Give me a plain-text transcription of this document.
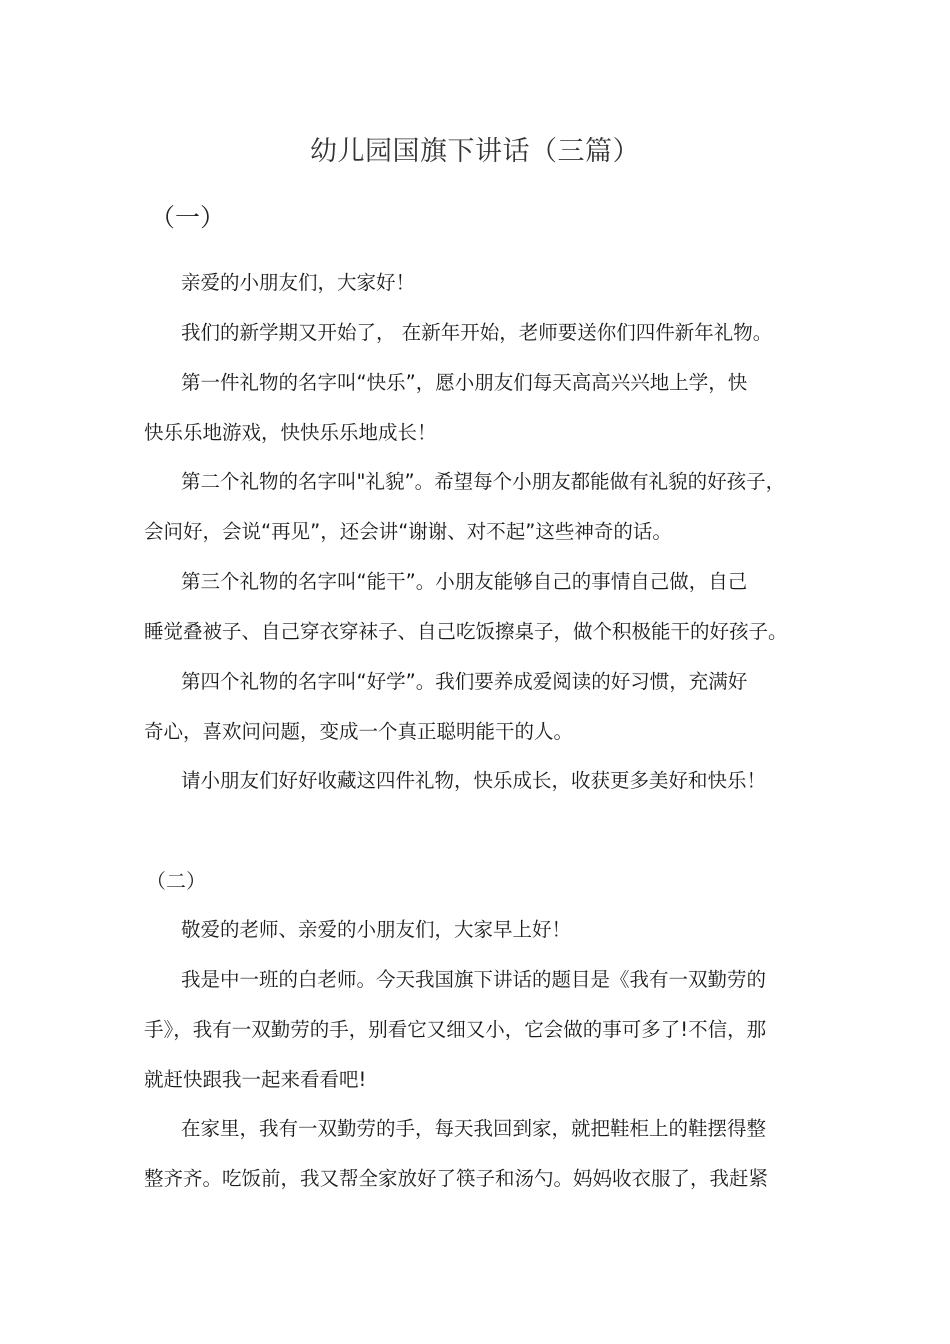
幼儿园国旗下讲话（三篇）
（一）
亲爱的小朋友们，大家好！
我们的新学期又开始了， 在新年开始，老师要送你们四件新年礼物。
第一件礼物的名字叫“快乐”，愿小朋友们每天高高兴兴地上学，快
快乐乐地游戏，快快乐乐地成长！
第二个礼物的名字叫"礼貌”。希望每个小朋友都能做有礼貌的好孩子，
会问好，会说“再见”，还会讲“谢谢、对不起”这些神奇的话。
第三个礼物的名字叫“能干”。小朋友能够自己的事情自己做，自己
睡觉叠被子、自己穿衣穿袜子、自己吃饭擦桌子，做个积极能干的好孩子。
第四个礼物的名字叫“好学”。我们要养成爱阅读的好习惯，充满好
奇心，喜欢问问题，变成一个真正聪明能干的人。
请小朋友们好好收藏这四件礼物，快乐成长，收获更多美好和快乐！
（二）
敬爱的老师、亲爱的小朋友们，大家早上好！
我是中一班的白老师。今天我国旗下讲话的题目是《我有一双勤劳的
手》，我有一双勤劳的手，别看它又细又小，它会做的事可多了!不信，那
就赶快跟我一起来看看吧!
在家里，我有一双勤劳的手，每天我回到家，就把鞋柜上的鞋摆得整
整齐齐。吃饭前，我又帮全家放好了筷子和汤勺。妈妈收衣服了，我赶紧
